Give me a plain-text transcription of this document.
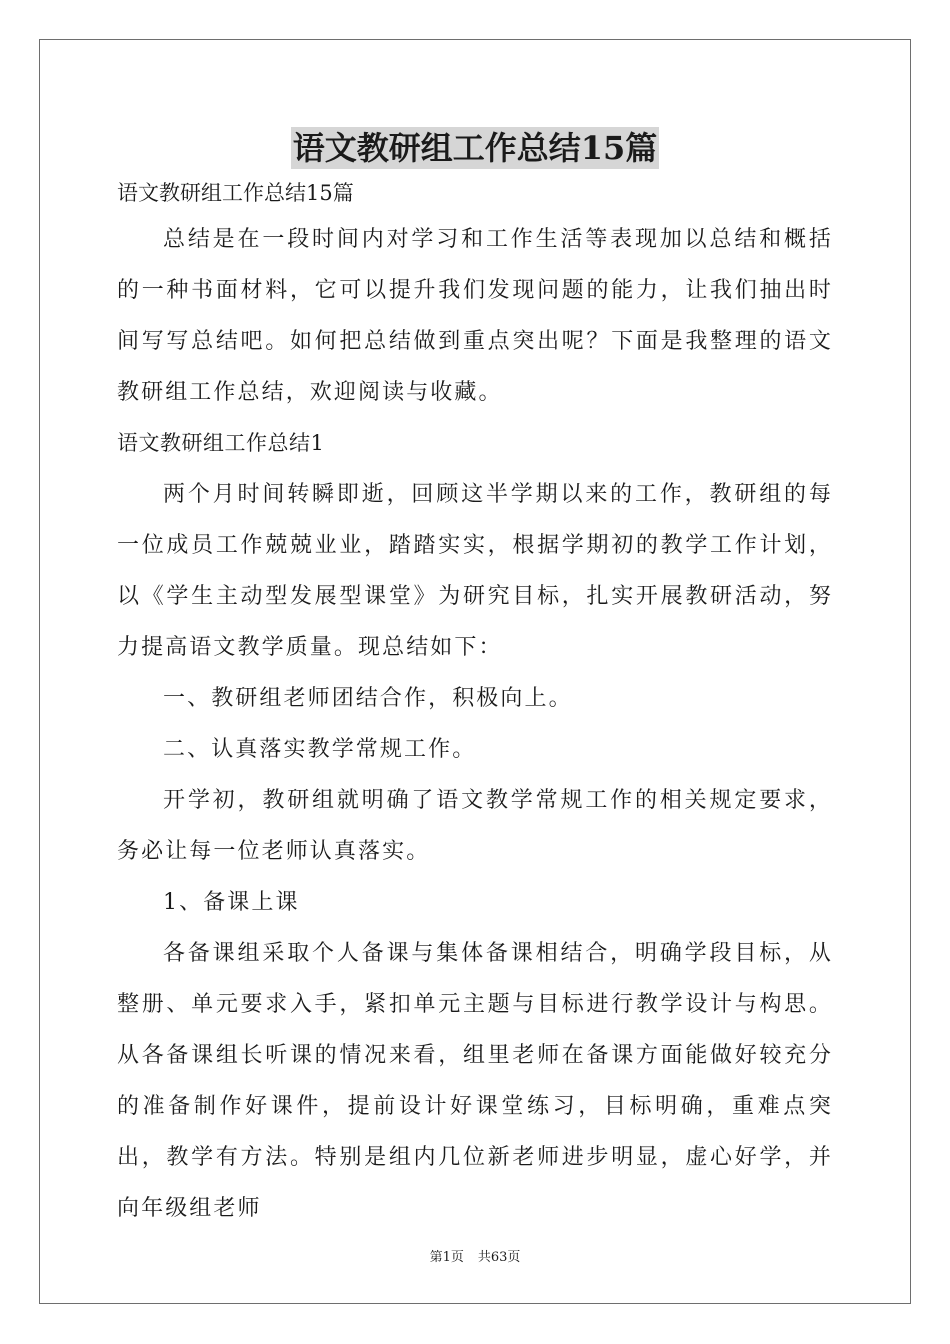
语文教研组工作总结15篇
语文教研组工作总结15篇
总结是在一段时间内对学习和工作生活等表现加以总结和概括的一种书面材料，它可以提升我们发现问题的能力，让我们抽出时间写写总结吧。如何把总结做到重点突出呢？下面是我整理的语文教研组工作总结，欢迎阅读与收藏。
语文教研组工作总结1
两个月时间转瞬即逝，回顾这半学期以来的工作，教研组的每一位成员工作兢兢业业，踏踏实实，根据学期初的教学工作计划，以《学生主动型发展型课堂》为研究目标，扎实开展教研活动，努力提高语文教学质量。现总结如下：
一、教研组老师团结合作，积极向上。
二、认真落实教学常规工作。
开学初，教研组就明确了语文教学常规工作的相关规定要求，务必让每一位老师认真落实。
1、备课上课
各备课组采取个人备课与集体备课相结合，明确学段目标，从整册、单元要求入手，紧扣单元主题与目标进行教学设计与构思。从各备课组长听课的情况来看，组里老师在备课方面能做好较充分的准备制作好课件，提前设计好课堂练习，目标明确，重难点突出，教学有方法。特别是组内几位新老师进步明显，虚心好学，并向年级组老师
第1页 共63页
